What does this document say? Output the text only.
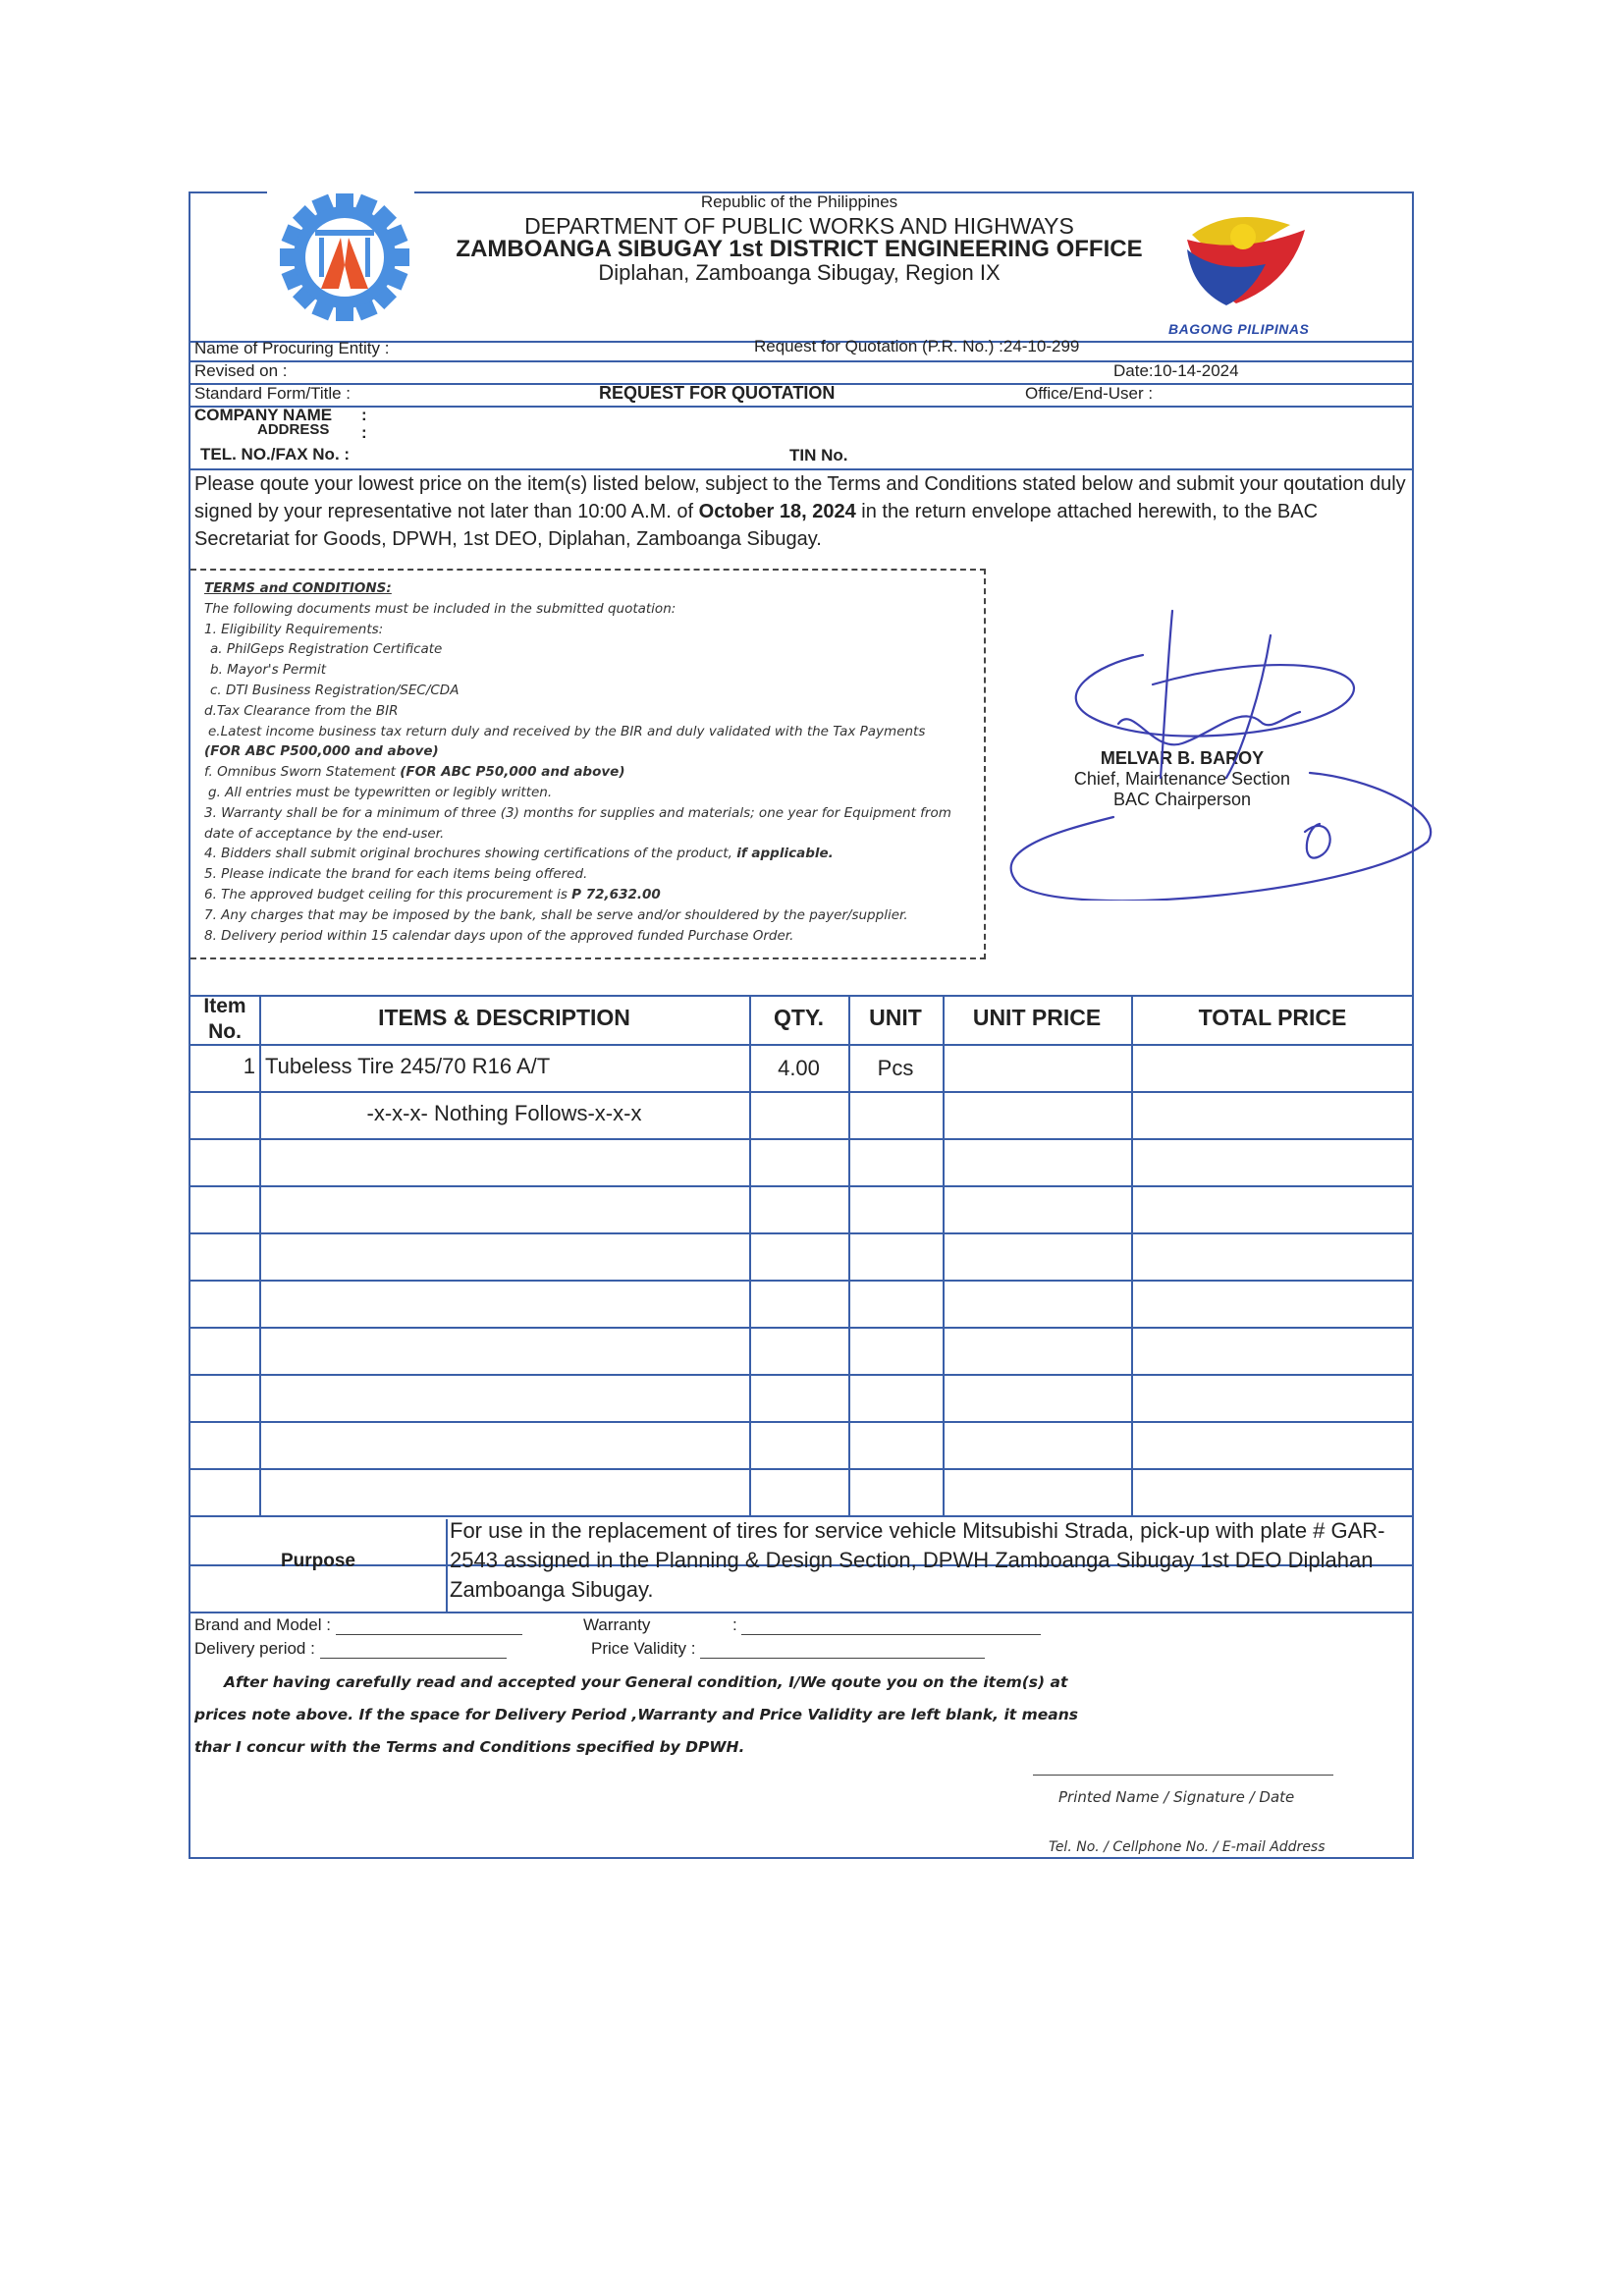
BAGONG PILIPINAS
Republic of the Philippines
DEPARTMENT OF PUBLIC WORKS AND HIGHWAYS
ZAMBOANGA SIBUGAY 1st DISTRICT ENGINEERING OFFICE
Diplahan, Zamboanga Sibugay, Region IX
Name of Procuring Entity :	Request for Quotation (P.R. No.) :24-10-299
Revised on :	Date:10-14-2024
Standard Form/Title :	REQUEST FOR QUOTATION	Office/End-User :
COMPANY NAME :
ADDRESS :
TEL. NO./FAX No. :	TIN No.
Please qoute your lowest price on the item(s) listed below, subject to the Terms and Conditions stated below and submit your qoutation duly signed by your representative not later than 10:00 A.M. of October 18, 2024 in the return envelope attached herewith, to the BAC Secretariat for Goods, DPWH, 1st DEO, Diplahan, Zamboanga Sibugay.
TERMS and CONDITIONS:
The following documents must be included in the submitted quotation:
1. Eligibility Requirements:
a. PhilGeps Registration Certificate
b. Mayor's Permit
c. DTI Business Registration/SEC/CDA
d.Tax Clearance from the BIR
e.Latest income business tax return duly and received by the BIR and duly validated with the Tax Payments
(FOR ABC P500,000 and above)
f. Omnibus Sworn Statement (FOR ABC P50,000 and above)
g. All entries must be typewritten or legibly written.
3. Warranty shall be for a minimum of three (3) months for supplies and materials; one year for Equipment from
date of acceptance by the end-user.
4. Bidders shall submit original brochures showing certifications of the product, if applicable.
5. Please indicate the brand for each items being offered.
6. The approved budget ceiling for this procurement is P 72,632.00
7. Any charges that may be imposed by the bank, shall be serve and/or shouldered by the payer/supplier.
8. Delivery period within 15 calendar days upon of the approved funded Purchase Order.
MELVAR B. BAROY
Chief, Maintenance Section
BAC Chairperson
Item
No.
ITEMS & DESCRIPTION	QTY.	UNIT	UNIT PRICE	TOTAL PRICE
1 Tubeless Tire 245/70 R16 A/T	4.00	Pcs
-x-x-x- Nothing Follows-x-x-x
Purpose
For use in the replacement of tires for service vehicle Mitsubishi Strada, pick-up with plate # GAR-2543 assigned in the Planning & Design Section, DPWH Zamboanga Sibugay 1st DEO Diplahan Zamboanga Sibugay.
Brand and Model :	Warranty	:
Delivery period :	Price Validity :
After having carefully read and accepted your General condition, I/We qoute you on the item(s) at prices note above. If the space for Delivery Period ,Warranty and Price Validity are left blank, it means thar I concur with the Terms and Conditions specified by DPWH.
Printed Name / Signature / Date
Tel. No. / Cellphone No. / E-mail Address
